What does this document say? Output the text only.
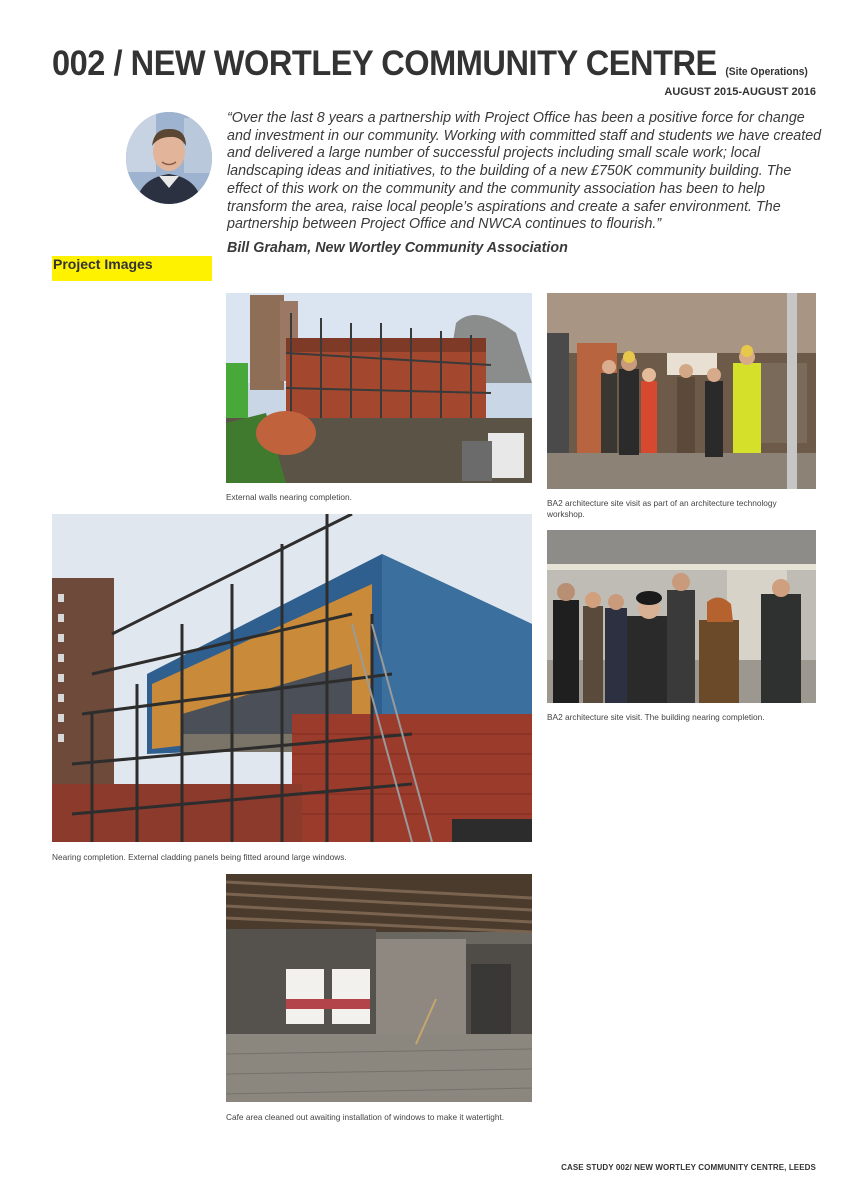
002 / NEW WORTLEY COMMUNITY CENTRE (Site Operations)
AUGUST 2015-AUGUST 2016

“Over the last 8 years a partnership with Project Office has been a positive force for change and investment in our community. Working with committed staff and students we have created and delivered a large number of successful projects including small scale work; local landscaping ideas and initiatives, to the building of a new £750K community building. The effect of this work on the community and the community association has been to help transform the area, raise local people’s aspirations and create a safer environment. The partnership between Project Office and NWCA continues to flourish.”

Bill Graham, New Wortley Community Association
Project Images
External walls nearing completion.
BA2 architecture site visit as part of an architecture technology workshop.
Nearing completion. External cladding panels being fitted around large windows.
BA2 architecture site visit. The building nearing completion.
Cafe area cleaned out awaiting installation of windows to make it watertight.
CASE STUDY 002/ NEW WORTLEY COMMUNITY CENTRE, LEEDS
